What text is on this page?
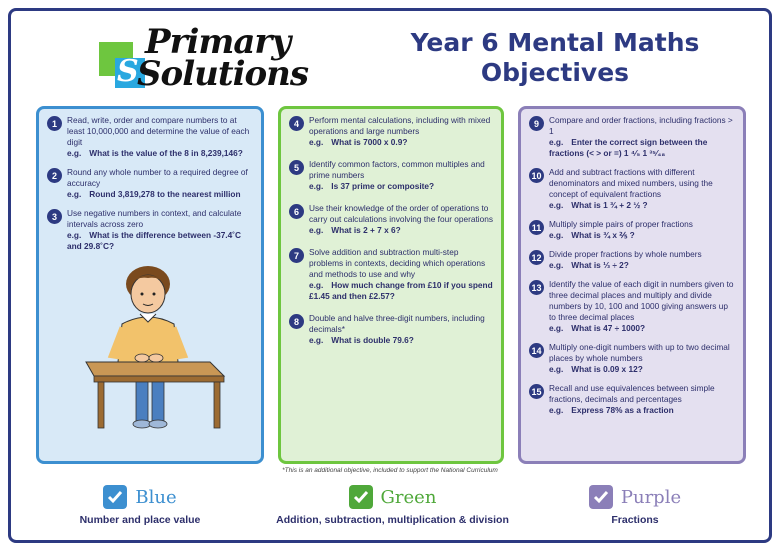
S
Primary
Solutions
Year 6 Mental Maths
Objectives
1	Read, write, order and compare numbers to at least 10,000,000 and determine the value of each digit
e.g. What is the value of the 8 in 8,239,146?
2	Round any whole number to a required degree of accuracy
e.g. Round 3,819,278 to the nearest million
3	Use negative numbers in context, and calculate intervals across zero
e.g. What is the difference between -37.4˚C and 29.8˚C?
4	Perform mental calculations, including with mixed operations and large numbers
e.g. What is 7000 x 0.9?
5	Identify common factors, common multiples and prime numbers
e.g. Is 37 prime or composite?
6	Use their knowledge of the order of operations to carry out calculations involving the four operations
e.g. What is 2 + 7 x 6?
7	Solve addition and subtraction multi-step problems in contexts, deciding which operations and methods to use and why
e.g. How much change from £10 if you spend £1.45 and then £2.57?
8	Double and halve three-digit numbers, including decimals*
e.g. What is double 79.6?
9	Compare and order fractions, including fractions > 1
e.g. Enter the correct sign between the fractions (< > or =) 1 ⁴⁄₅ 1 ³⁵⁄₄₈
10 Add and subtract fractions with different denominators and mixed numbers, using the concept of equivalent fractions
e.g. What is 1 ¾ + 2 ½ ?
11 Multiply simple pairs of proper fractions
e.g. What is ¾ x ⅖ ?
12 Divide proper fractions by whole numbers
e.g. What is ⅓ ÷ 2?
13 Identify the value of each digit in numbers given to three decimal places and multiply and divide numbers by 10, 100 and 1000 giving answers up to three decimal places
e.g. What is 47 ÷ 1000?
14 Multiply one-digit numbers with up to two decimal places by whole numbers
e.g. What is 0.09 x 12?
15 Recall and use equivalences between simple fractions, decimals and percentages
e.g. Express 78% as a fraction
*This is an additional objective, included to support the National Curriculum
Blue
Number and place value
Green
Addition, subtraction, multiplication & division
Purple
Fractions
